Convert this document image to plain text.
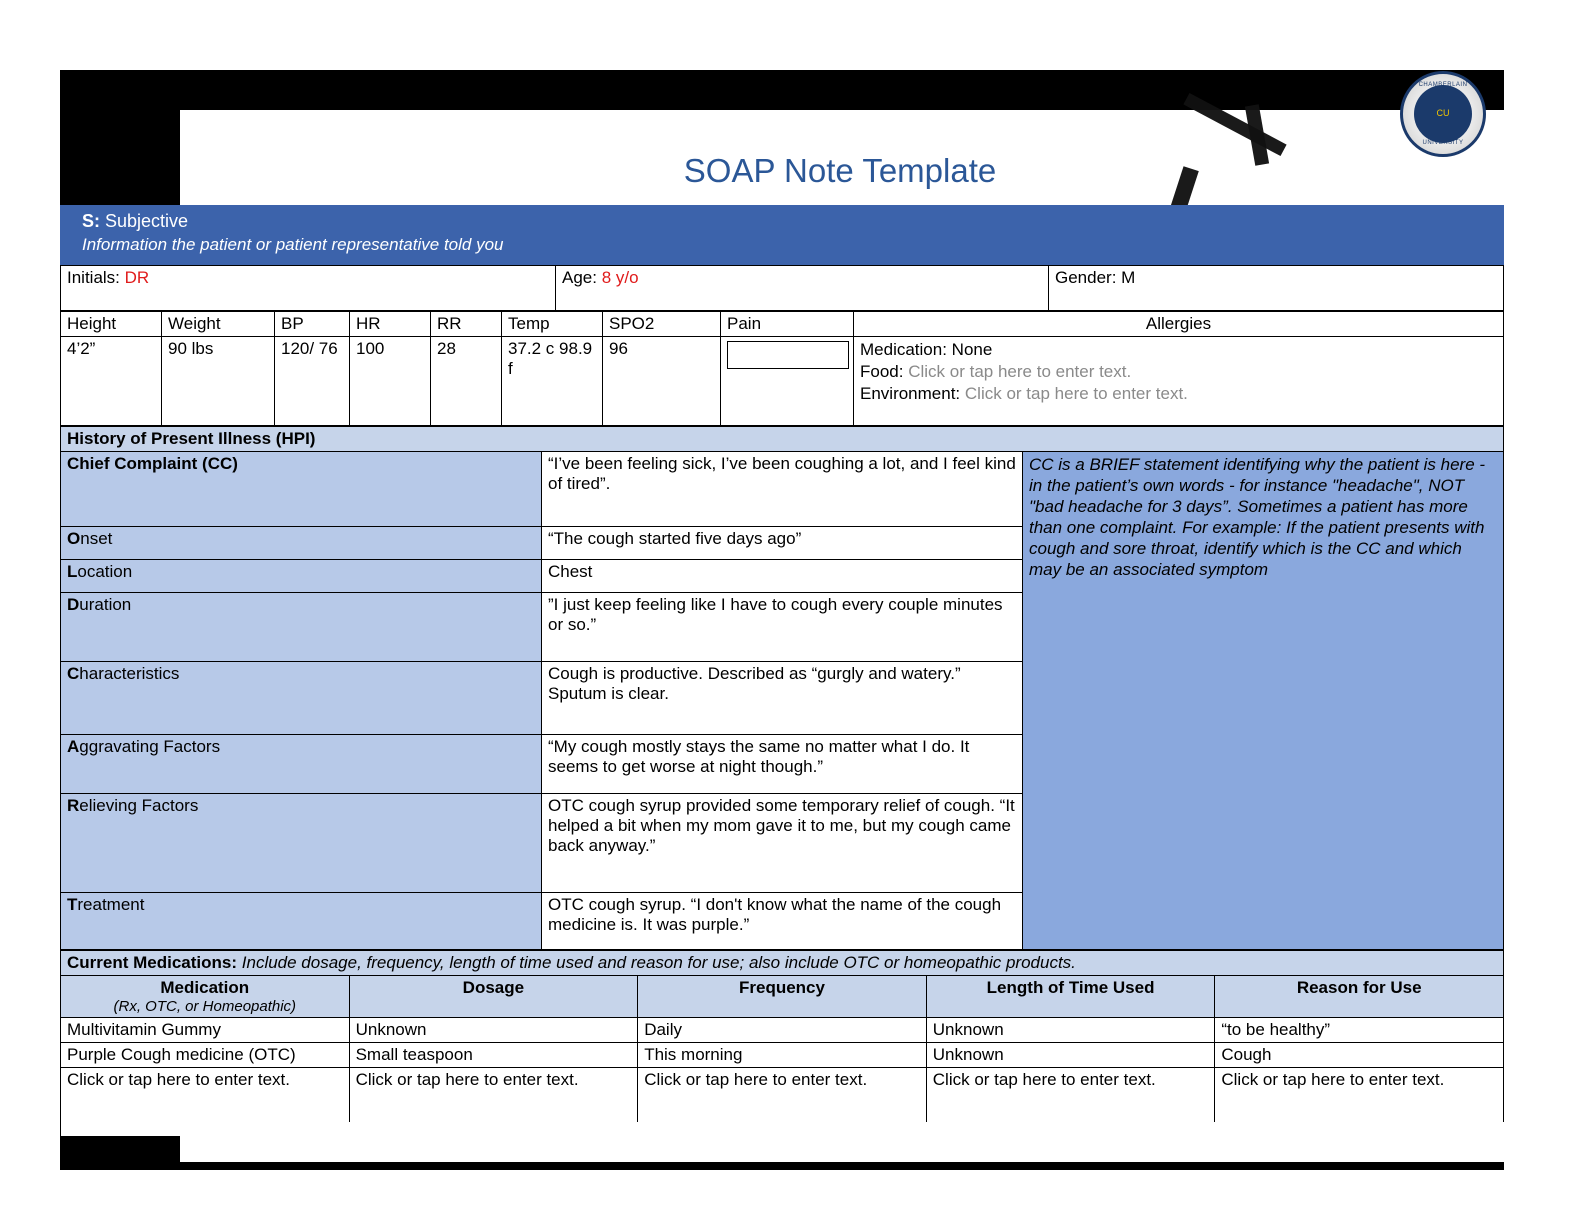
SOAP Note Template
CHAMBERLAIN
CU
UNIVERSITY
S: Subjective
Information the patient or patient representative told you
Initials: DR	Age: 8 y/o	Gender: M
Height	Weight	BP	HR	RR	Temp	SPO2	Pain	Allergies
4’2”	90 lbs	120/ 76	100	28	37.2 c 98.9 f	96		Medication: None
Food: Click or tap here to enter text.
Environment: Click or tap here to enter text.
History of Present Illness (HPI)		
Chief Complaint (CC)	“I’ve been feeling sick, I’ve been coughing a lot, and I feel kind of tired”.	CC is a BRIEF statement identifying why the patient is here - in the patient’s own words - for instance "headache", NOT "bad headache for 3 days”. Sometimes a patient has more than one complaint. For example: If the patient presents with cough and sore throat, identify which is the CC and which may be an associated symptom
Onset	“The cough started five days ago”	
Location	Chest	
Duration	”I just keep feeling like I have to cough every couple minutes or so.”	
Characteristics	Cough is productive. Described as “gurgly and watery.” Sputum is clear.	
Aggravating Factors	“My cough mostly stays the same no matter what I do. It seems to get worse at night though.”	
Relieving Factors	OTC cough syrup provided some temporary relief of cough. “It helped a bit when my mom gave it to me, but my cough came back anyway.”	
Treatment	OTC cough syrup. “I don't know what the name of the cough medicine is. It was purple.”	
Current Medications: Include dosage, frequency, length of time used and reason for use; also include OTC or homeopathic products.				
Medication
(Rx, OTC, or Homeopathic)	Dosage	Frequency	Length of Time Used	Reason for Use
Multivitamin Gummy	Unknown	Daily	Unknown	“to be healthy”
Purple Cough medicine (OTC)	Small teaspoon	This morning	Unknown	Cough
Click or tap here to enter text.	Click or tap here to enter text.	Click or tap here to enter text.	Click or tap here to enter text.	Click or tap here to enter text.
